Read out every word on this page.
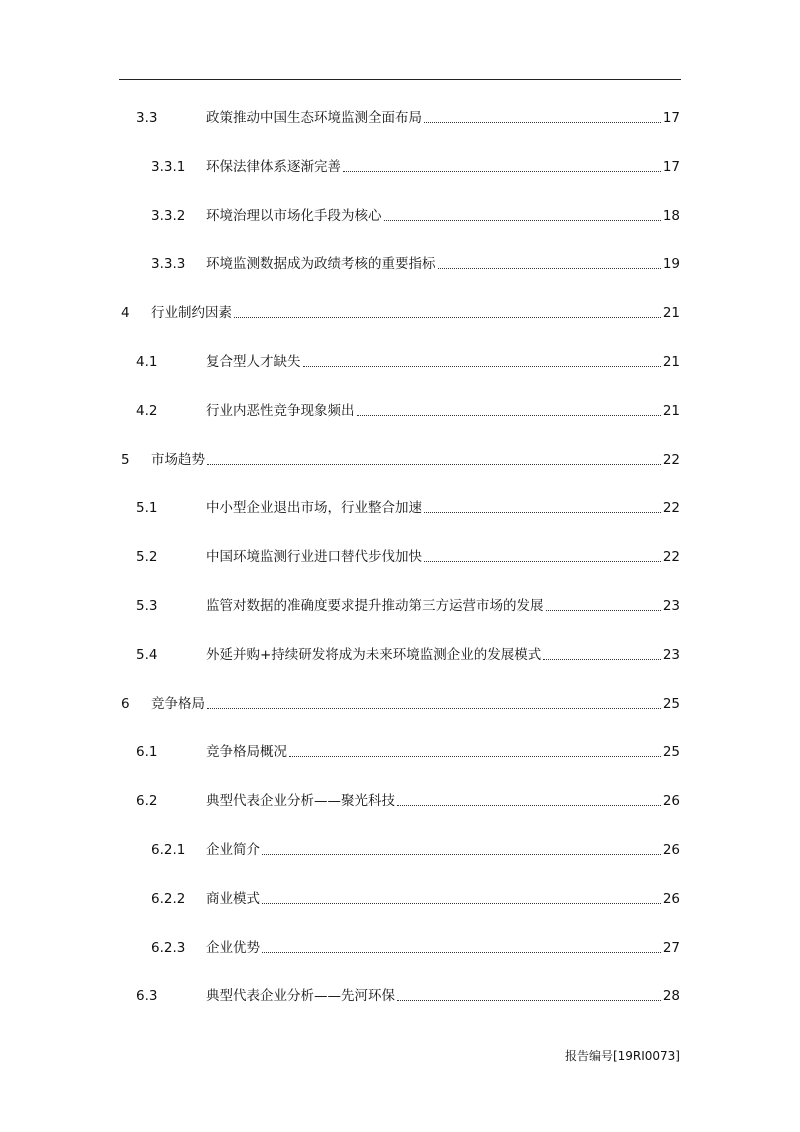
3.3	政策推动中国生态环境监测全面布局	17
3.3.1 环保法律体系逐渐完善	17
3.3.2 环境治理以市场化手段为核心	18
3.3.3 环境监测数据成为政绩考核的重要指标	19
4 行业制约因素	21
4.1	复合型人才缺失	21
4.2	行业内恶性竞争现象频出	21
5 市场趋势	22
5.1	中小型企业退出市场，行业整合加速	22
5.2	中国环境监测行业进口替代步伐加快	22
5.3	监管对数据的准确度要求提升推动第三方运营市场的发展	23
5.4	外延并购+持续研发将成为未来环境监测企业的发展模式	23
6 竞争格局	25
6.1	竞争格局概况	25
6.2	典型代表企业分析——聚光科技	26
6.2.1 企业简介	26
6.2.2 商业模式	26
6.2.3 企业优势	27
6.3	典型代表企业分析——先河环保	28
报告编号[19RI0073]
